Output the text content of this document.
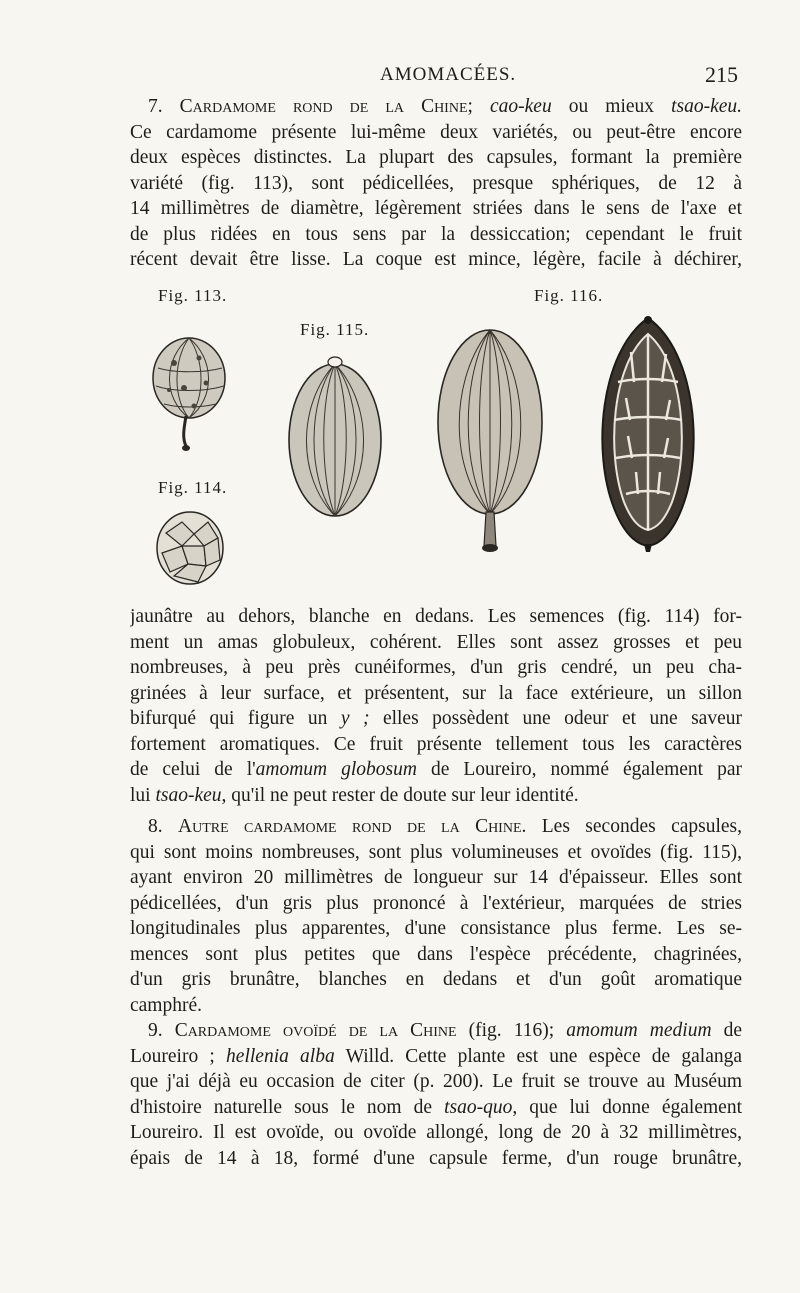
AMOMACÉES.	215
7. Cardamome rond de la Chine; cao-keu ou mieux tsao-keu.
Ce cardamome présente lui-même deux variétés, ou peut-être encore
deux espèces distinctes. La plupart des capsules, formant la première
variété (fig. 113), sont pédicellées, presque sphériques, de 12 à
14 millimètres de diamètre, légèrement striées dans le sens de l'axe et
de plus ridées en tous sens par la dessiccation; cependant le fruit
récent devait être lisse. La coque est mince, légère, facile à déchirer,
Fig. 113.	Fig. 116.
Fig. 115.
Fig. 114.
jaunâtre au dehors, blanche en dedans. Les semences (fig. 114) for-
ment un amas globuleux, cohérent. Elles sont assez grosses et peu
nombreuses, à peu près cunéiformes, d'un gris cendré, un peu cha-
grinées à leur surface, et présentent, sur la face extérieure, un sillon
bifurqué qui figure un y ; elles possèdent une odeur et une saveur
fortement aromatiques. Ce fruit présente tellement tous les caractères
de celui de l'amomum globosum de Loureiro, nommé également par
lui tsao-keu, qu'il ne peut rester de doute sur leur identité.
8. Autre cardamome rond de la Chine. Les secondes capsules,
qui sont moins nombreuses, sont plus volumineuses et ovoïdes (fig. 115),
ayant environ 20 millimètres de longueur sur 14 d'épaisseur. Elles sont
pédicellées, d'un gris plus prononcé à l'extérieur, marquées de stries
longitudinales plus apparentes, d'une consistance plus ferme. Les se-
mences sont plus petites que dans l'espèce précédente, chagrinées,
d'un gris brunâtre, blanches en dedans et d'un goût aromatique
camphré.
9. Cardamome ovoïdé de la Chine (fig. 116); amomum medium de
Loureiro ; hellenia alba Willd. Cette plante est une espèce de galanga
que j'ai déjà eu occasion de citer (p. 200). Le fruit se trouve au Muséum
d'histoire naturelle sous le nom de tsao-quo, que lui donne également
Loureiro. Il est ovoïde, ou ovoïde allongé, long de 20 à 32 millimètres,
épais de 14 à 18, formé d'une capsule ferme, d'un rouge brunâtre,
